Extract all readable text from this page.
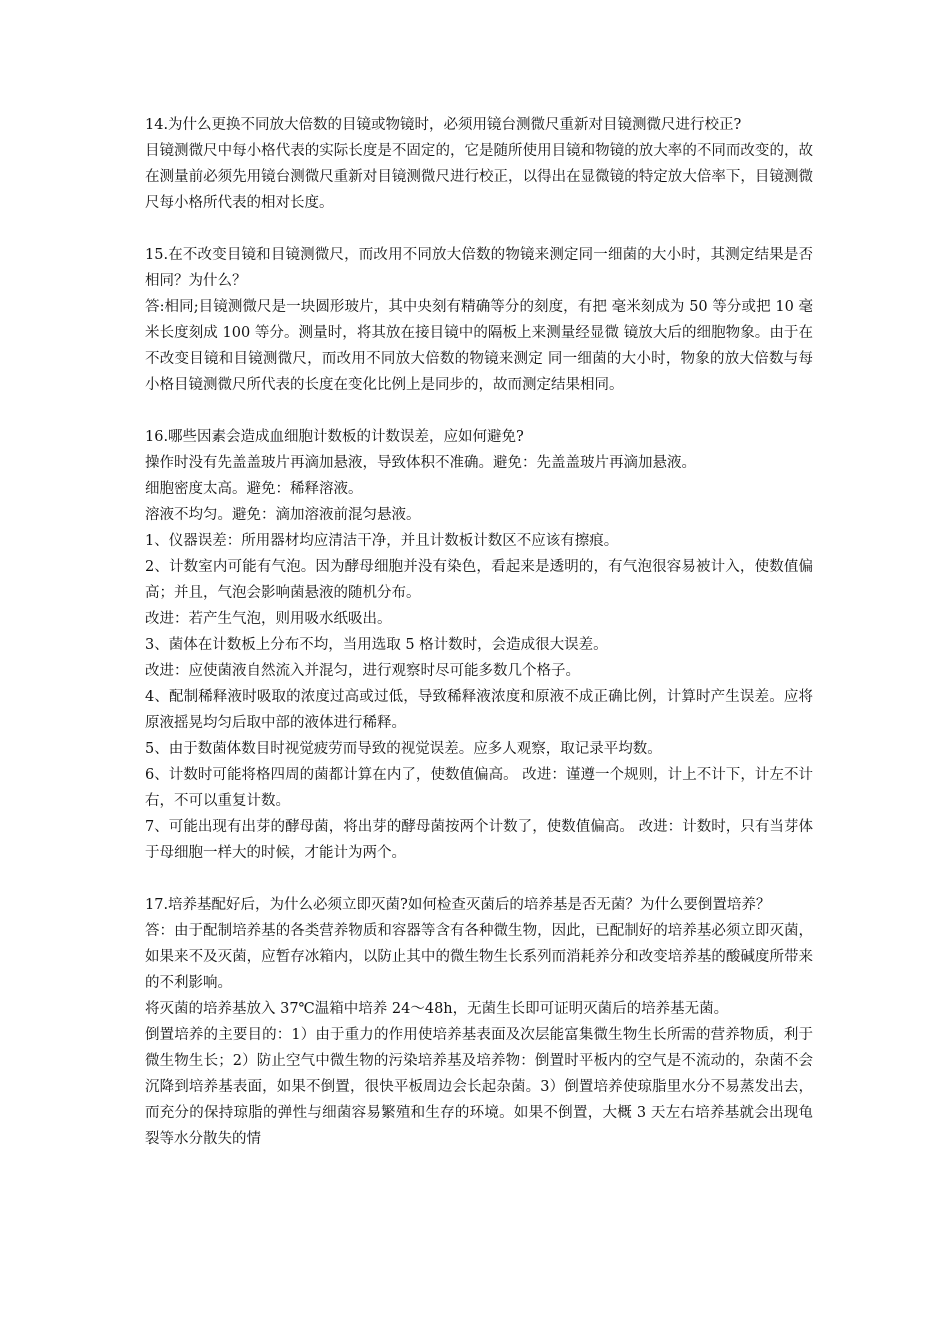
14.为什么更换不同放大倍数的目镜或物镜时，必须用镜台测微尺重新对目镜测微尺进行校正?

目镜测微尺中每小格代表的实际长度是不固定的，它是随所使用目镜和物镜的放大率的不同而改变的，故在测量前必须先用镜台测微尺重新对目镜测微尺进行校正，以得出在显微镜的特定放大倍率下，目镜测微尺每小格所代表的相对长度。

15.在不改变目镜和目镜测微尺，而改用不同放大倍数的物镜来测定同一细菌的大小时，其测定结果是否相同？为什么？

答:相同;目镜测微尺是一块圆形玻片，其中央刻有精确等分的刻度，有把 毫米刻成为 50 等分或把 10 毫米长度刻成 100 等分。测量时，将其放在接目镜中的隔板上来测量经显微 镜放大后的细胞物象。由于在不改变目镜和目镜测微尺，而改用不同放大倍数的物镜来测定 同一细菌的大小时，物象的放大倍数与每小格目镜测微尺所代表的长度在变化比例上是同步的，故而测定结果相同。

16.哪些因素会造成血细胞计数板的计数误差，应如何避免?

操作时没有先盖盖玻片再滴加悬液，导致体积不准确。避免：先盖盖玻片再滴加悬液。

细胞密度太高。避免：稀释溶液。

溶液不均匀。避免：滴加溶液前混匀悬液。

1、仪器误差：所用器材均应清洁干净，并且计数板计数区不应该有擦痕。

2、计数室内可能有气泡。因为酵母细胞并没有染色，看起来是透明的，有气泡很容易被计入，使数值偏高；并且，气泡会影响菌悬液的随机分布。

改进：若产生气泡，则用吸水纸吸出。

3、菌体在计数板上分布不均，当用选取 5 格计数时，会造成很大误差。

改进：应使菌液自然流入并混匀，进行观察时尽可能多数几个格子。

4、配制稀释液时吸取的浓度过高或过低，导致稀释液浓度和原液不成正确比例，计算时产生误差。应将原液摇晃均匀后取中部的液体进行稀释。

5、由于数菌体数目时视觉疲劳而导致的视觉误差。应多人观察，取记录平均数。

6、计数时可能将格四周的菌都计算在内了，使数值偏高。 改进：谨遵一个规则，计上不计下，计左不计右，不可以重复计数。

7、可能出现有出芽的酵母菌，将出芽的酵母菌按两个计数了，使数值偏高。 改进：计数时，只有当芽体于母细胞一样大的时候，才能计为两个。

17.培养基配好后，为什么必须立即灭菌?如何检查灭菌后的培养基是否无菌？为什么要倒置培养？

答：由于配制培养基的各类营养物质和容器等含有各种微生物，因此，已配制好的培养基必须立即灭菌，如果来不及灭菌，应暂存冰箱内，以防止其中的微生物生长系列而消耗养分和改变培养基的酸碱度所带来的不利影响。

将灭菌的培养基放入 37℃温箱中培养 24～48h，无菌生长即可证明灭菌后的培养基无菌。

倒置培养的主要目的：1）由于重力的作用使培养基表面及次层能富集微生物生长所需的营养物质，利于微生物生长；2）防止空气中微生物的污染培养基及培养物：倒置时平板内的空气是不流动的，杂菌不会沉降到培养基表面，如果不倒置，很快平板周边会长起杂菌。3）倒置培养使琼脂里水分不易蒸发出去，而充分的保持琼脂的弹性与细菌容易繁殖和生存的环境。如果不倒置，大概 3 天左右培养基就会出现龟裂等水分散失的情
